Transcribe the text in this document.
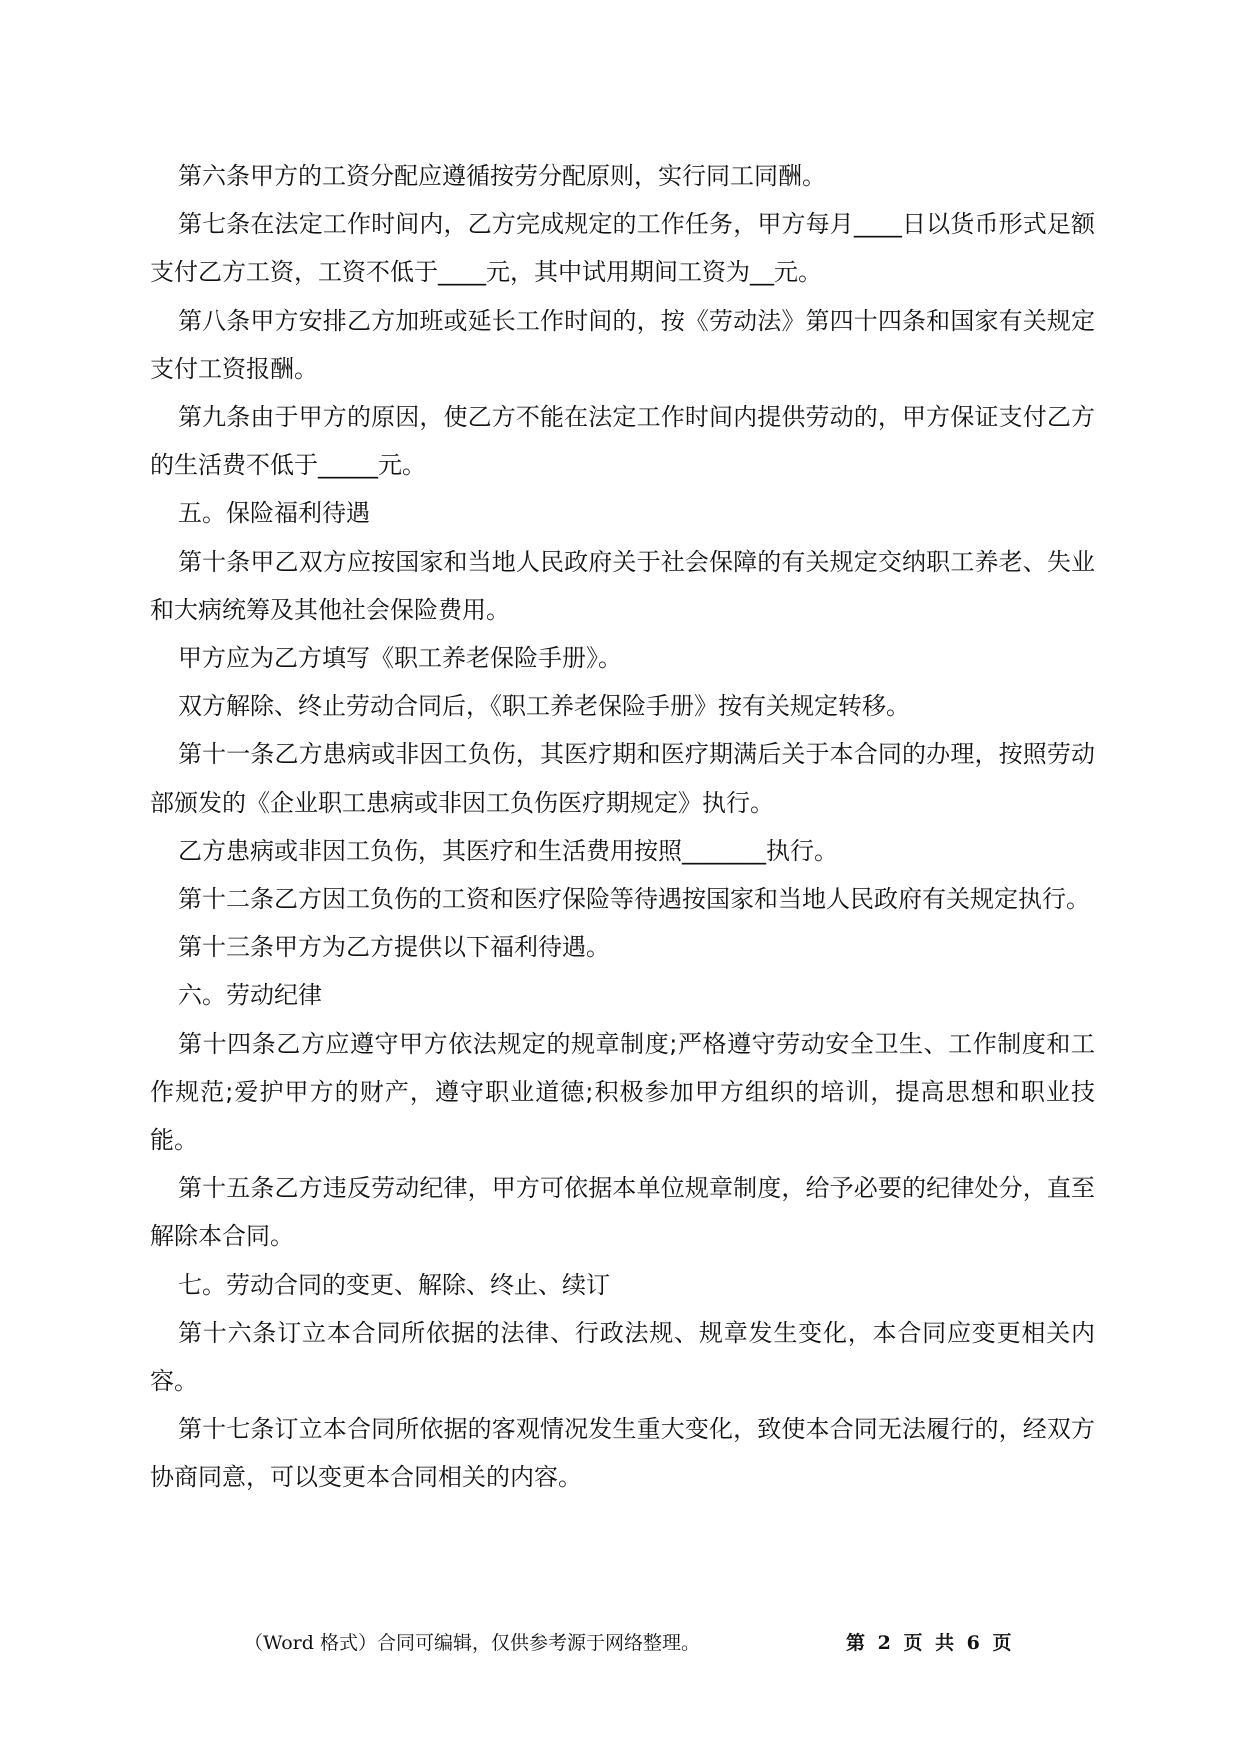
第六条甲方的工资分配应遵循按劳分配原则，实行同工同酬。

第七条在法定工作时间内，乙方完成规定的工作任务，甲方每月____日以货币形式足额支付乙方工资，工资不低于____元，其中试用期间工资为__元。

第八条甲方安排乙方加班或延长工作时间的，按《劳动法》第四十四条和国家有关规定支付工资报酬。

第九条由于甲方的原因，使乙方不能在法定工作时间内提供劳动的，甲方保证支付乙方的生活费不低于_____元。

五。保险福利待遇

第十条甲乙双方应按国家和当地人民政府关于社会保障的有关规定交纳职工养老、失业和大病统筹及其他社会保险费用。

甲方应为乙方填写《职工养老保险手册》。

双方解除、终止劳动合同后，《职工养老保险手册》按有关规定转移。

第十一条乙方患病或非因工负伤，其医疗期和医疗期满后关于本合同的办理，按照劳动部颁发的《企业职工患病或非因工负伤医疗期规定》执行。

乙方患病或非因工负伤，其医疗和生活费用按照_______执行。

第十二条乙方因工负伤的工资和医疗保险等待遇按国家和当地人民政府有关规定执行。

第十三条甲方为乙方提供以下福利待遇。

六。劳动纪律

第十四条乙方应遵守甲方依法规定的规章制度;严格遵守劳动安全卫生、工作制度和工作规范;爱护甲方的财产，遵守职业道德;积极参加甲方组织的培训，提高思想和职业技能。

第十五条乙方违反劳动纪律，甲方可依据本单位规章制度，给予必要的纪律处分，直至解除本合同。

七。劳动合同的变更、解除、终止、续订

第十六条订立本合同所依据的法律、行政法规、规章发生变化，本合同应变更相关内容。

第十七条订立本合同所依据的客观情况发生重大变化，致使本合同无法履行的，经双方协商同意，可以变更本合同相关的内容。

（Word 格式）合同可编辑，仅供参考源于网络整理。	第 2 页 共 6 页
